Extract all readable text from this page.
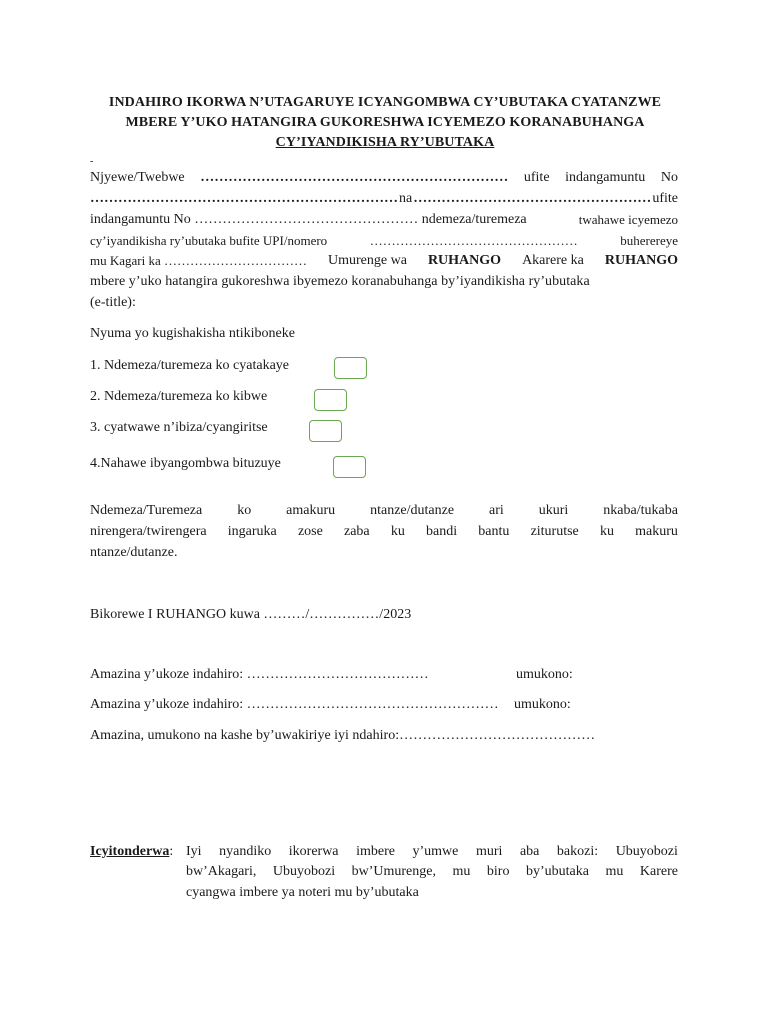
INDAHIRO IKORWA N’UTAGARUYE ICYANGOMBWA CY’UBUTAKA CYATANZWE
MBERE Y’UKO HATANGIRA GUKORESHWA ICYEMEZO KORANABUHANGA
CY’IYANDIKISHA RY’UBUTAKA
-
Njyewe/Twebwe ………………………………………………………… ufite indangamuntu No
………………………………………………………… na …………………………………………… ufite
indangamuntu No ………………………………………… ndemeza/turemeza	twahawe icyemezo
cy’iyandikisha ry’ubutaka bufite UPI/nomero	…………………………………………	buherereye
mu Kagari ka …………………………… Umurenge wa RUHANGO Akarere ka RUHANGO
mbere y’uko hatangira gukoreshwa ibyemezo koranabuhanga by’iyandikisha ry’ubutaka
(e-title):
Nyuma yo kugishakisha ntikiboneke
1. Ndemeza/turemeza ko cyatakaye
2. Ndemeza/turemeza ko kibwe
3. cyatwawe n’ibiza/cyangiritse
4.Nahawe ibyangombwa bituzuye
Ndemeza/Turemeza ko amakuru ntanze/dutanze ari ukuri nkaba/tukaba
nirengera/twirengera ingaruka zose zaba ku bandi bantu ziturutse ku makuru
ntanze/dutanze.
Bikorewe I RUHANGO kuwa ………/……………/2023
Amazina y’ukoze indahiro: …………………………………	umukono:
Amazina y’ukoze indahiro: ……………………………………………… umukono:
Amazina, umukono na kashe by’uwakiriye iyi ndahiro:……………………………………
Icyitonderwa: Iyi nyandiko ikorerwa imbere y’umwe muri aba bakozi: Ubuyobozi
bw’Akagari, Ubuyobozi bw’Umurenge, mu biro by’ubutaka mu Karere
cyangwa imbere ya noteri mu by’ubutaka
